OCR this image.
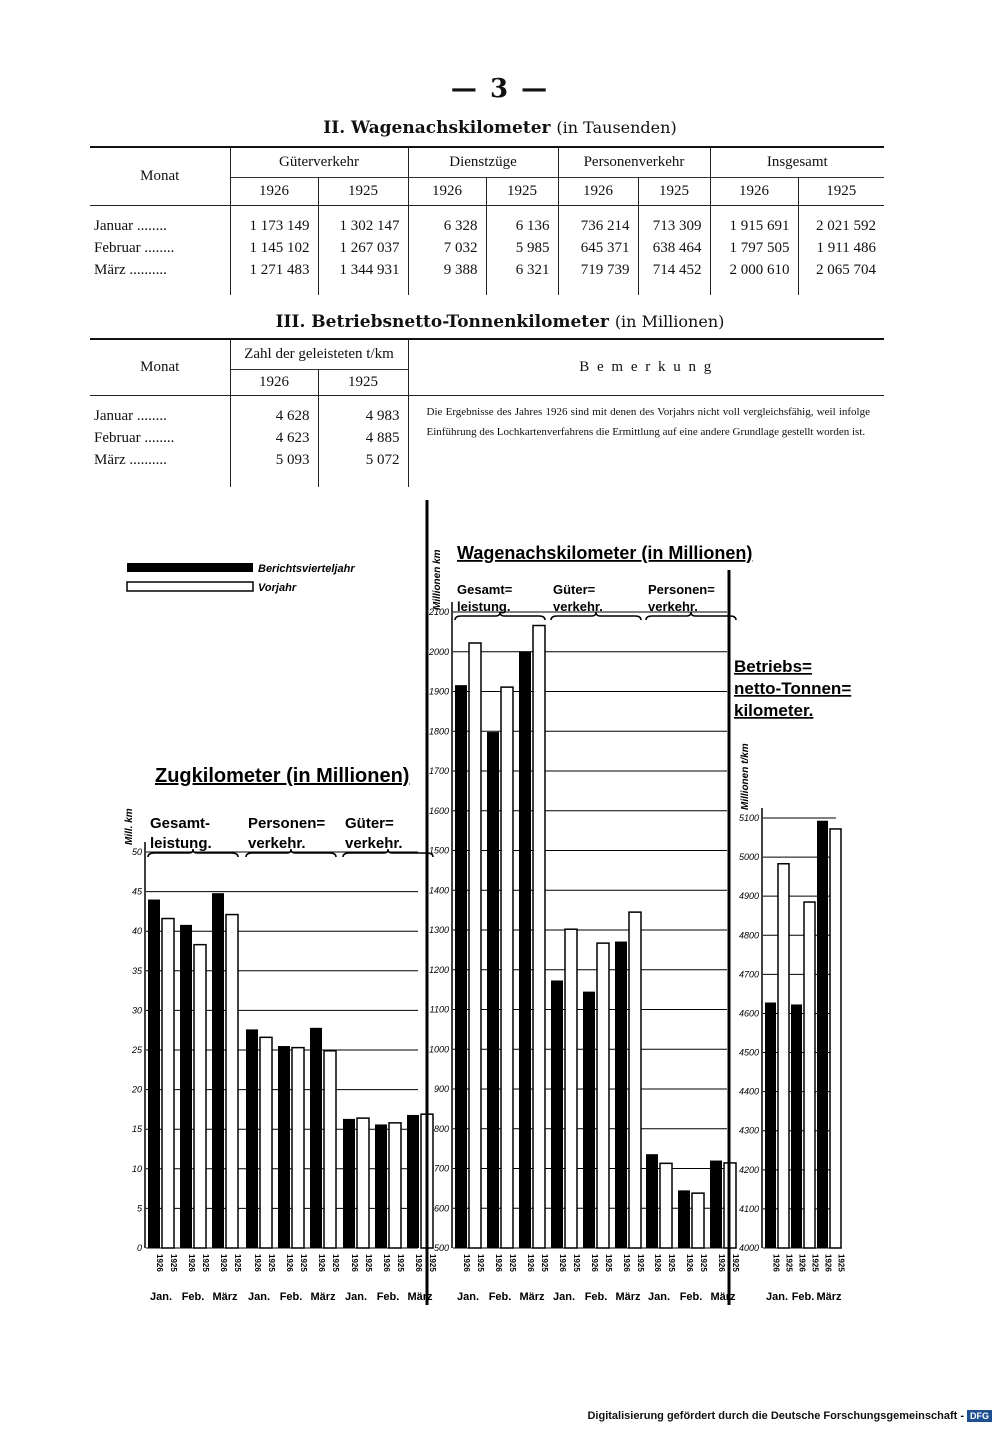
— 3 —
II. Wagenachskilometer (in Tausenden)
Monat	Güterverkehr		Dienstzüge		Personenverkehr		Insgesamt	
	1926	1925	1926	1925	1926	1925	1926	1925

Januar ........	1 173 149	1 302 147	6 328	6 136	736 214	713 309	1 915 691	2 021 592
Februar ........	1 145 102	1 267 037	7 032	5 985	645 371	638 464	1 797 505	1 911 486
März ..........	1 271 483	1 344 931	9 388	6 321	719 739	714 452	2 000 610	2 065 704

III. Betriebsnetto-Tonnenkilometer (in Millionen)
Monat	Zahl der geleisteten t/km		B e m e r k u n g
	1926	1925	
			Die Ergebnisse des Jahres 1926 sind mit denen des Vorjahrs nicht voll vergleichsfähig, weil infolge Einführung des Lochkartenverfahrens die Ermittlung auf eine andere Grundlage gestellt worden ist.
Januar ........	4 628	4 983	
Februar ........	4 623	4 885	
März ..........	5 093	5 072	

Berichtsvierteljahr
Vorjahr
Zugkilometer (in Millionen)
Mill. km
0
5
10
15
20
25
30
35
40
45
50
1926 1925
Jan.
1926 1925
Feb.
1926 1925
März
Gesamt-
leistung.
1926 1925
Jan.
1926 1925
Feb.
1926 1925
März
Personen=
verkehr.
1926 1925
Jan.
1926 1925
Feb.
1926 1925
März
Güter=
verkehr.
Wagenachskilometer (in Millionen)
Millionen km
500
600
700
800
900
1000
1100
1200
1300
1400
1500
1600
1700
1800
1900
2000
2100
1926 1925
Jan.
1926 1925
Feb.
1926 1925
März
Gesamt=
leistung.
1926 1925
Jan.
1926 1925
Feb.
1926 1925
März
Güter=
verkehr.
1926 1925
Jan.
1926 1925
Feb.
1926 1925
März
Personen=
verkehr.
Betriebs=
netto-Tonnen=
kilometer.
Millionen t/km
4000
4100
4200
4300
4400
4500
4600
4700
4800
4900
5000
5100
1926 1925
Jan.
1926 1925
Feb.
1926 1925
März
Digitalisierung gefördert durch die Deutsche Forschungsgemeinschaft - DFG
